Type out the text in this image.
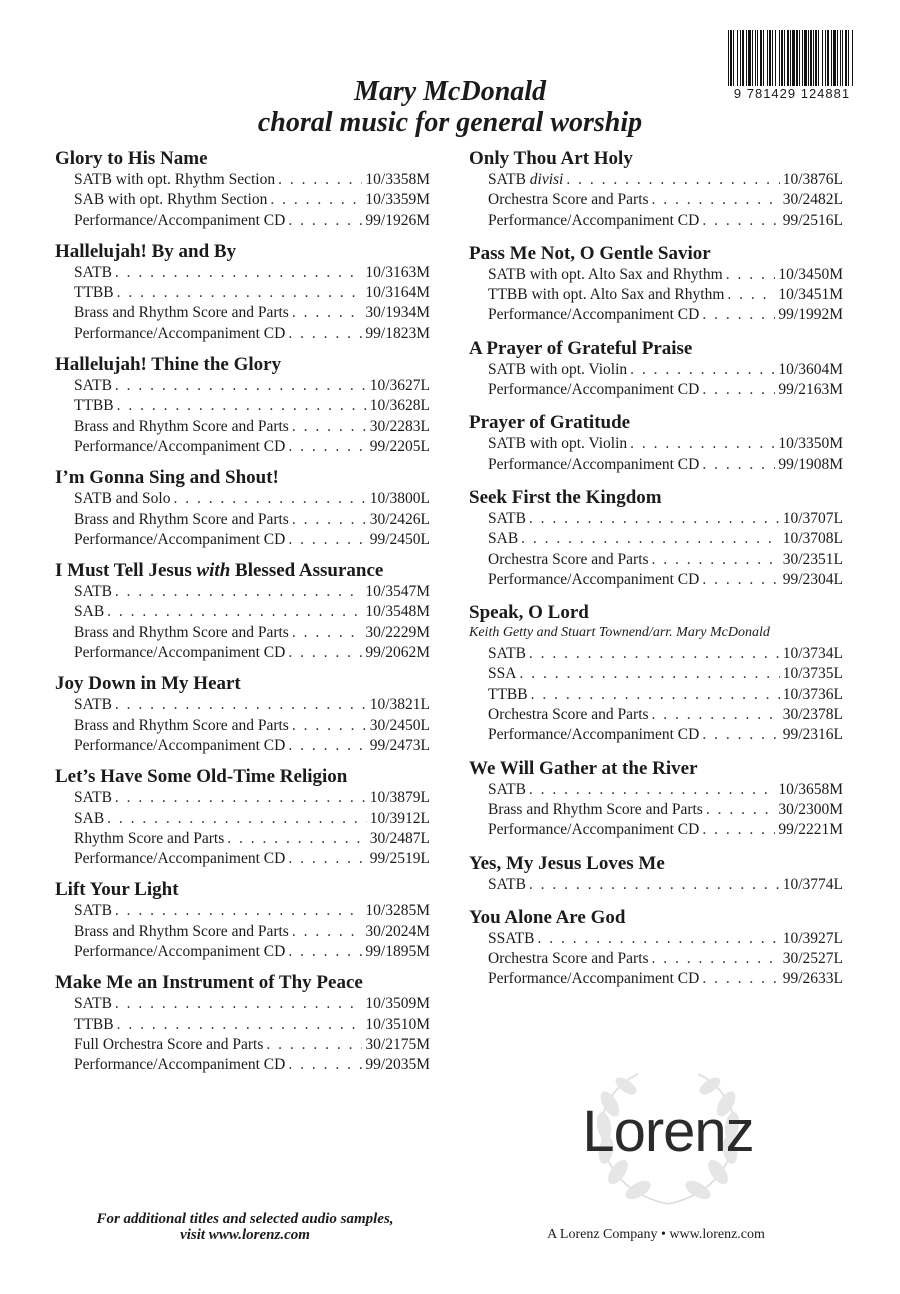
9 781429 124881
Mary McDonald
choral music for general worship
Glory to His Name
SATB with opt. Rhythm Section . . .	10/3358M
SAB with opt. Rhythm Section . . .	10/3359M
Performance/Accompaniment CD . . .	99/1926M
Hallelujah! By and By
SATB . . .	10/3163M
TTBB . . .	10/3164M
Brass and Rhythm Score and Parts . . .	30/1934M
Performance/Accompaniment CD . . .	99/1823M
Hallelujah! Thine the Glory
SATB . . .	10/3627L
TTBB . . .	10/3628L
Brass and Rhythm Score and Parts . . .	30/2283L
Performance/Accompaniment CD . . .	99/2205L
I’m Gonna Sing and Shout!
SATB and Solo . . .	10/3800L
Brass and Rhythm Score and Parts . . .	30/2426L
Performance/Accompaniment CD . . .	99/2450L
I Must Tell Jesus with Blessed Assurance
SATB . . .	10/3547M
SAB . . .	10/3548M
Brass and Rhythm Score and Parts . . .	30/2229M
Performance/Accompaniment CD . . .	99/2062M
Joy Down in My Heart
SATB . . .	10/3821L
Brass and Rhythm Score and Parts . . .	30/2450L
Performance/Accompaniment CD . . .	99/2473L
Let’s Have Some Old-Time Religion
SATB . . .	10/3879L
SAB . . .	10/3912L
Rhythm Score and Parts . . .	30/2487L
Performance/Accompaniment CD . . .	99/2519L
Lift Your Light
SATB . . .	10/3285M
Brass and Rhythm Score and Parts . . .	30/2024M
Performance/Accompaniment CD . . .	99/1895M
Make Me an Instrument of Thy Peace
SATB . . .	10/3509M
TTBB . . .	10/3510M
Full Orchestra Score and Parts . . .	30/2175M
Performance/Accompaniment CD . . .	99/2035M
Only Thou Art Holy
SATB divisi . . .	10/3876L
Orchestra Score and Parts . . .	30/2482L
Performance/Accompaniment CD . . .	99/2516L
Pass Me Not, O Gentle Savior
SATB with opt. Alto Sax and Rhythm . . .	10/3450M
TTBB with opt. Alto Sax and Rhythm . . .	10/3451M
Performance/Accompaniment CD . . .	99/1992M
A Prayer of Grateful Praise
SATB with opt. Violin . . .	10/3604M
Performance/Accompaniment CD . . .	99/2163M
Prayer of Gratitude
SATB with opt. Violin . . .	10/3350M
Performance/Accompaniment CD . . .	99/1908M
Seek First the Kingdom
SATB . . .	10/3707L
SAB . . .	10/3708L
Orchestra Score and Parts . . .	30/2351L
Performance/Accompaniment CD . . .	99/2304L
Speak, O Lord
Keith Getty and Stuart Townend/arr. Mary McDonald
SATB . . .	10/3734L
SSA . . .	10/3735L
TTBB . . .	10/3736L
Orchestra Score and Parts . . .	30/2378L
Performance/Accompaniment CD . . .	99/2316L
We Will Gather at the River
SATB . . .	10/3658M
Brass and Rhythm Score and Parts . . .	30/2300M
Performance/Accompaniment CD . . .	99/2221M
Yes, My Jesus Loves Me
SATB . . .	10/3774L
You Alone Are God
SSATB . . .	10/3927L
Orchestra Score and Parts . . .	30/2527L
Performance/Accompaniment CD . . .	99/2633L
For additional titles and selected audio samples,
visit www.lorenz.com
Lorenz
A Lorenz Company • www.lorenz.com
